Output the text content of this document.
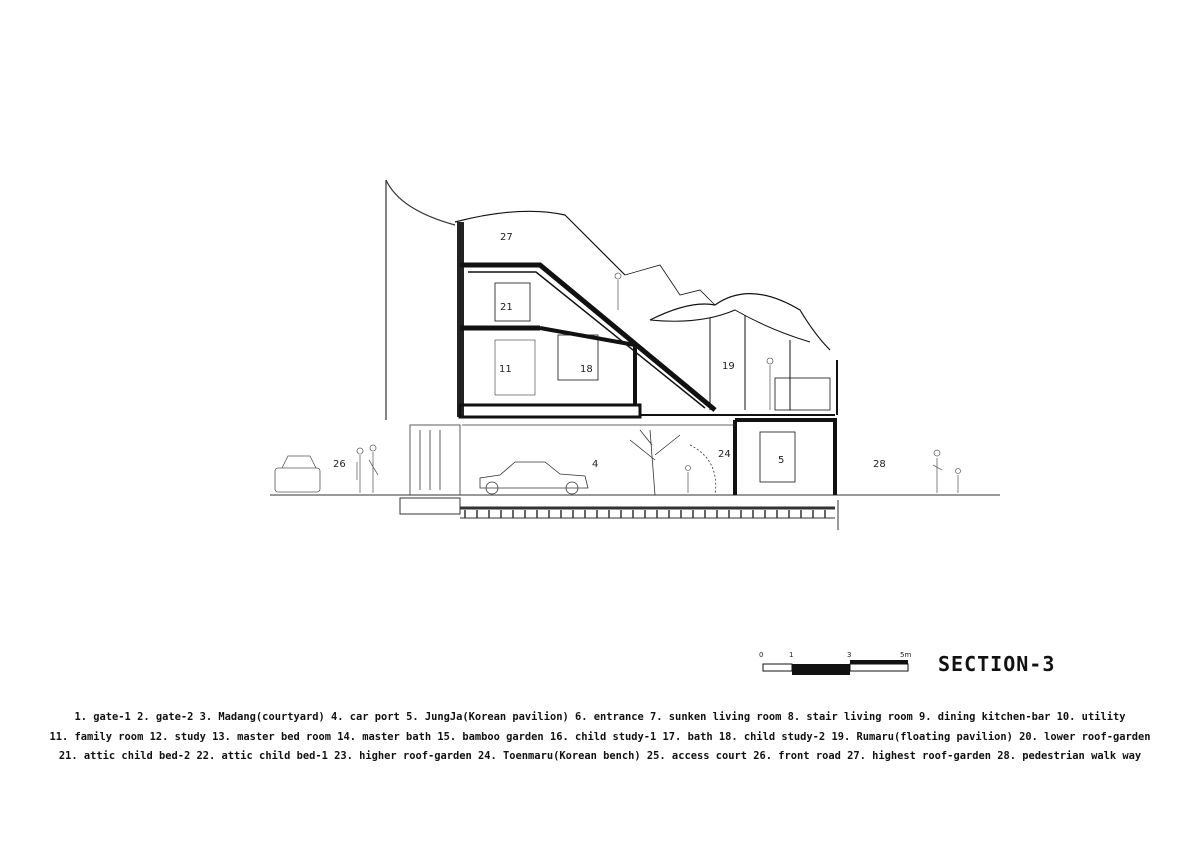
27
21
11	18	19
26	4
24
5	28
0	1	3	5m SECTION-3

1. gate-1 2. gate-2 3. Madang(courtyard) 4. car port 5. JungJa(Korean pavilion) 6. entrance 7. sunken living room 8. stair living room 9. dining kitchen-bar 10. utility

11. family room 12. study 13. master bed room 14. master bath 15. bamboo garden 16. child study-1 17. bath 18. child study-2 19. Rumaru(floating pavilion) 20. lower roof-garden

21. attic child bed-2 22. attic child bed-1 23. higher roof-garden 24. Toenmaru(Korean bench) 25. access court 26. front road 27. highest roof-garden 28. pedestrian walk way
